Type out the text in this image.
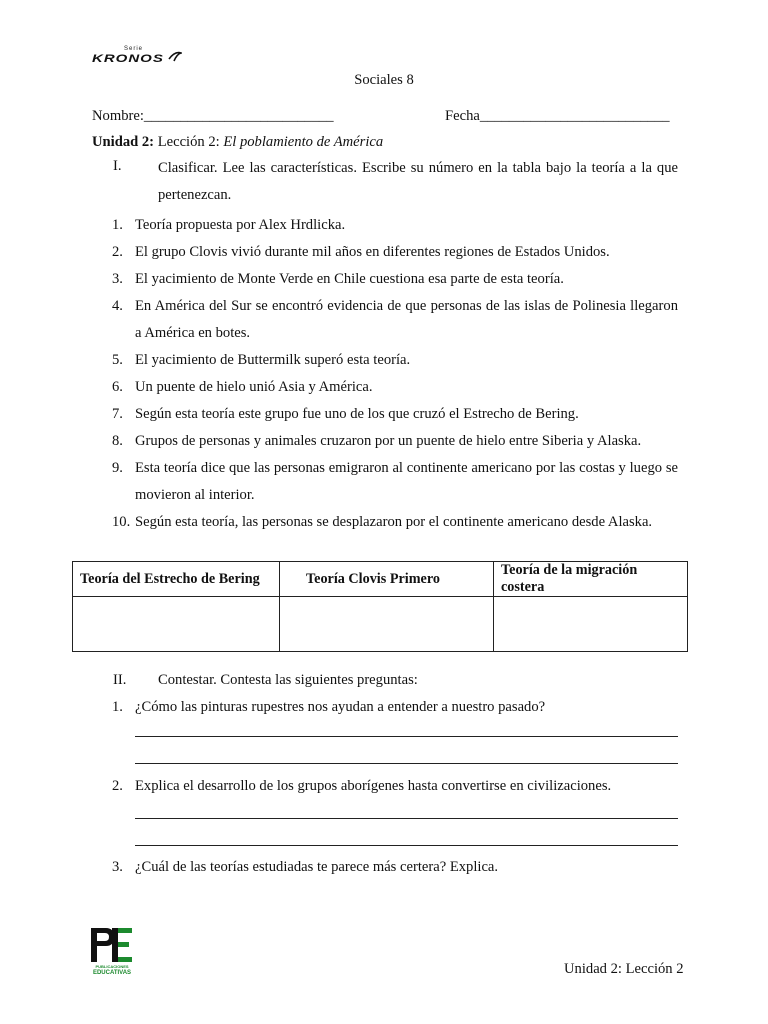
Serie
KRONOS
Sociales 8
Nombre:__________________________	Fecha__________________________
Unidad 2: Lección 2: El poblamiento de América
I. Clasificar. Lee las características. Escribe su número en la tabla bajo la teoría a la que pertenezcan.
1. Teoría propuesta por Alex Hrdlicka.
2. El grupo Clovis vivió durante mil años en diferentes regiones de Estados Unidos.
3. El yacimiento de Monte Verde en Chile cuestiona esa parte de esta teoría.
4. En América del Sur se encontró evidencia de que personas de las islas de Polinesia llegaron a América en botes.
5. El yacimiento de Buttermilk superó esta teoría.
6. Un puente de hielo unió Asia y América.
7. Según esta teoría este grupo fue uno de los que cruzó el Estrecho de Bering.
8. Grupos de personas y animales cruzaron por un puente de hielo entre Siberia y Alaska.
9. Esta teoría dice que las personas emigraron al continente americano por las costas y luego se movieron al interior.
10. Según esta teoría, las personas se desplazaron por el continente americano desde Alaska.
Teoría del Estrecho de Bering	Teoría Clovis Primero	Teoría de la migración costera

II. Contestar. Contesta las siguientes preguntas:
1. ¿Cómo las pinturas rupestres nos ayudan a entender a nuestro pasado?
2. Explica el desarrollo de los grupos aborígenes hasta convertirse en civilizaciones.
3. ¿Cuál de las teorías estudiadas te parece más certera? Explica.
PUBLICACIONES
EDUCATIVAS	Unidad 2: Lección 2
